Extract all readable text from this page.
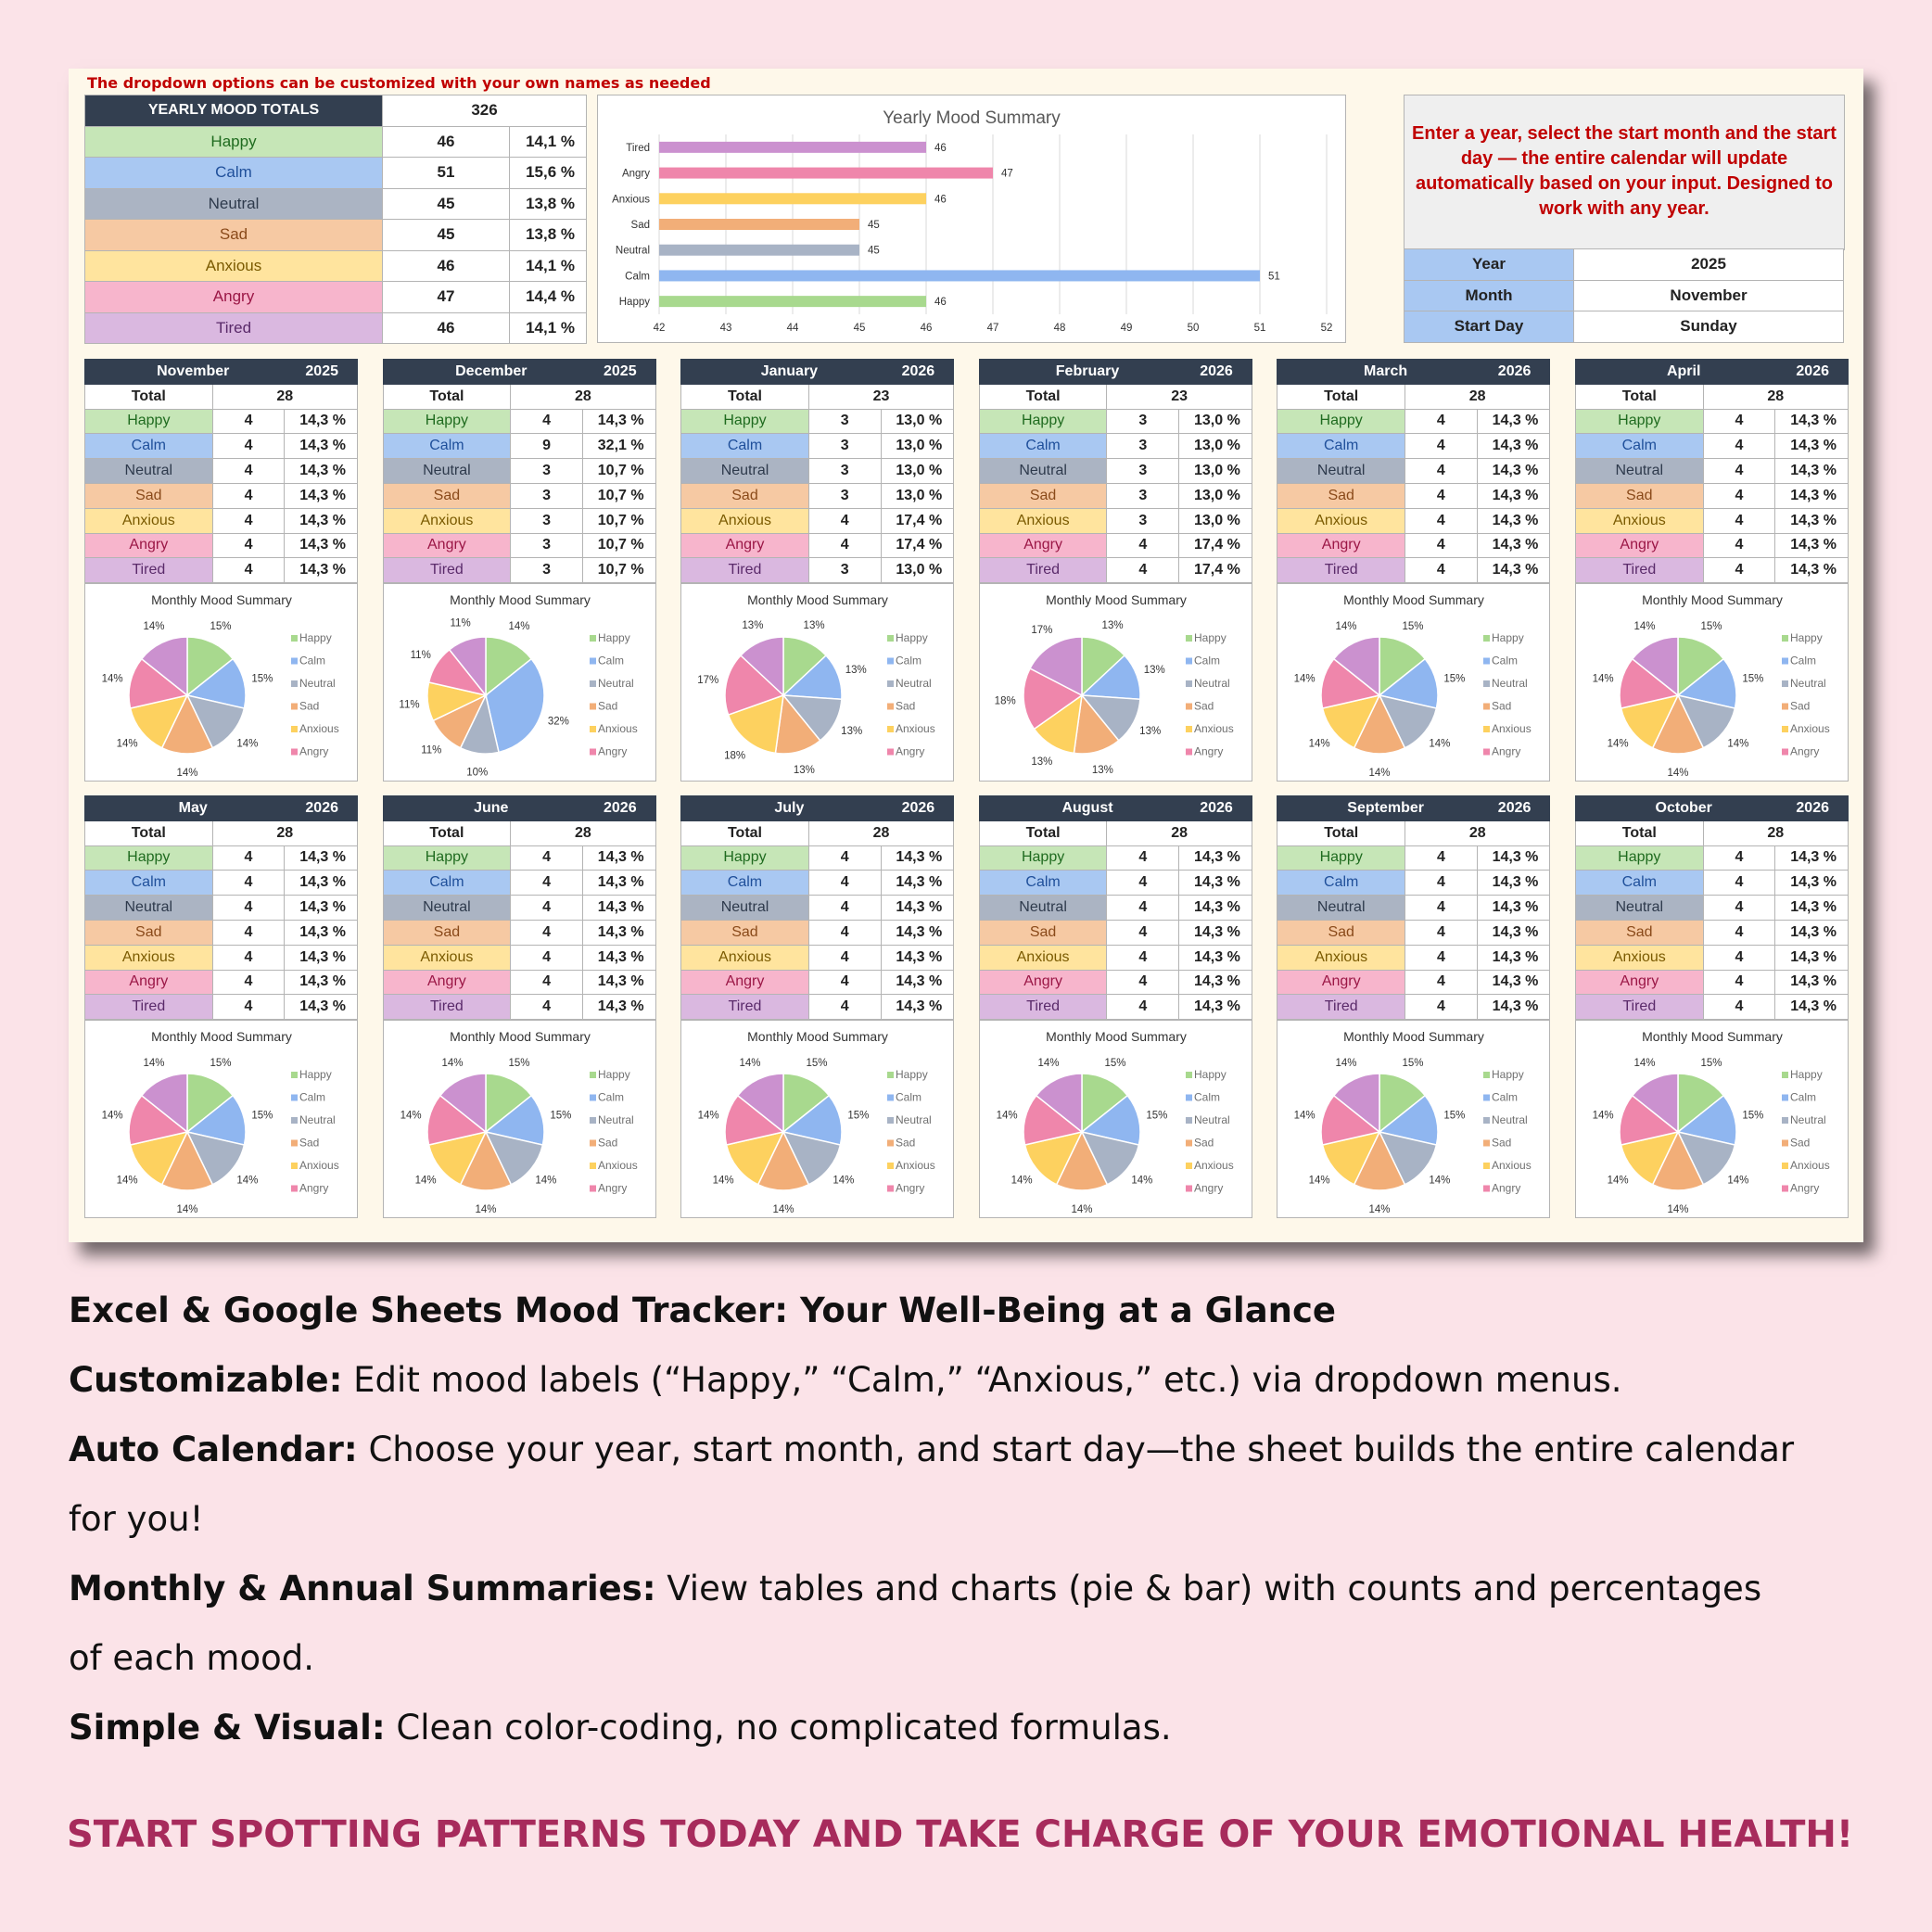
The dropdown options can be customized with your own names as needed
YEARLY MOOD TOTALS	326	
Happy	46	14,1 %
Calm	51	15,6 %
Neutral	45	13,8 %
Sad	45	13,8 %
Anxious	46	14,1 %
Angry	47	14,4 %
Tired	46	14,1 %
Yearly Mood Summary
42	43	44	45	46	47	48	49	50	51	52
Tired	46
Angry	47
Anxious	46
Sad	45
Neutral	45
Calm	51
Happy	46
Enter a year, select the start month and the start day — the entire calendar will update automatically based on your input. Designed to work with any year.
Year	2025
Month	November
Start Day	Sunday
November		2025
Total	28	
Happy	4	14,3 %
Calm	4	14,3 %
Neutral	4	14,3 %
Sad	4	14,3 %
Anxious	4	14,3 %
Angry	4	14,3 %
Tired	4	14,3 %
Monthly Mood Summary
15%
15%
14%
14%
14%
14%
14%
Happy
Calm
Neutral
Sad
Anxious
Angry
December		2025
Total	28	
Happy	4	14,3 %
Calm	9	32,1 %
Neutral	3	10,7 %
Sad	3	10,7 %
Anxious	3	10,7 %
Angry	3	10,7 %
Tired	3	10,7 %
Monthly Mood Summary
14%
32%
10%
11%
11%
11%
11%
Happy
Calm
Neutral
Sad
Anxious
Angry
January		2026
Total	23	
Happy	3	13,0 %
Calm	3	13,0 %
Neutral	3	13,0 %
Sad	3	13,0 %
Anxious	4	17,4 %
Angry	4	17,4 %
Tired	3	13,0 %
Monthly Mood Summary
13%
13%
13%
13%
18%
17%
13%
Happy
Calm
Neutral
Sad
Anxious
Angry
February		2026
Total	23	
Happy	3	13,0 %
Calm	3	13,0 %
Neutral	3	13,0 %
Sad	3	13,0 %
Anxious	3	13,0 %
Angry	4	17,4 %
Tired	4	17,4 %
Monthly Mood Summary
13%
13%
13%
13%
13%
18%
17%
Happy
Calm
Neutral
Sad
Anxious
Angry
March		2026
Total	28	
Happy	4	14,3 %
Calm	4	14,3 %
Neutral	4	14,3 %
Sad	4	14,3 %
Anxious	4	14,3 %
Angry	4	14,3 %
Tired	4	14,3 %
Monthly Mood Summary
15%
15%
14%
14%
14%
14%
14%
Happy
Calm
Neutral
Sad
Anxious
Angry
April		2026
Total	28	
Happy	4	14,3 %
Calm	4	14,3 %
Neutral	4	14,3 %
Sad	4	14,3 %
Anxious	4	14,3 %
Angry	4	14,3 %
Tired	4	14,3 %
Monthly Mood Summary
15%
15%
14%
14%
14%
14%
14%
Happy
Calm
Neutral
Sad
Anxious
Angry
May		2026
Total	28	
Happy	4	14,3 %
Calm	4	14,3 %
Neutral	4	14,3 %
Sad	4	14,3 %
Anxious	4	14,3 %
Angry	4	14,3 %
Tired	4	14,3 %
Monthly Mood Summary
15%
15%
14%
14%
14%
14%
14%
Happy
Calm
Neutral
Sad
Anxious
Angry
June		2026
Total	28	
Happy	4	14,3 %
Calm	4	14,3 %
Neutral	4	14,3 %
Sad	4	14,3 %
Anxious	4	14,3 %
Angry	4	14,3 %
Tired	4	14,3 %
Monthly Mood Summary
15%
15%
14%
14%
14%
14%
14%
Happy
Calm
Neutral
Sad
Anxious
Angry
July		2026
Total	28	
Happy	4	14,3 %
Calm	4	14,3 %
Neutral	4	14,3 %
Sad	4	14,3 %
Anxious	4	14,3 %
Angry	4	14,3 %
Tired	4	14,3 %
Monthly Mood Summary
15%
15%
14%
14%
14%
14%
14%
Happy
Calm
Neutral
Sad
Anxious
Angry
August		2026
Total	28	
Happy	4	14,3 %
Calm	4	14,3 %
Neutral	4	14,3 %
Sad	4	14,3 %
Anxious	4	14,3 %
Angry	4	14,3 %
Tired	4	14,3 %
Monthly Mood Summary
15%
15%
14%
14%
14%
14%
14%
Happy
Calm
Neutral
Sad
Anxious
Angry
September		2026
Total	28	
Happy	4	14,3 %
Calm	4	14,3 %
Neutral	4	14,3 %
Sad	4	14,3 %
Anxious	4	14,3 %
Angry	4	14,3 %
Tired	4	14,3 %
Monthly Mood Summary
15%
15%
14%
14%
14%
14%
14%
Happy
Calm
Neutral
Sad
Anxious
Angry
October		2026
Total	28	
Happy	4	14,3 %
Calm	4	14,3 %
Neutral	4	14,3 %
Sad	4	14,3 %
Anxious	4	14,3 %
Angry	4	14,3 %
Tired	4	14,3 %
Monthly Mood Summary
15%
15%
14%
14%
14%
14%
14%
Happy
Calm
Neutral
Sad
Anxious
Angry
Excel & Google Sheets Mood Tracker: Your Well-Being at a Glance
Customizable: Edit mood labels (“Happy,” “Calm,” “Anxious,” etc.) via dropdown menus.
Auto Calendar: Choose your year, start month, and start day—the sheet builds the entire calendar
for you!
Monthly & Annual Summaries: View tables and charts (pie & bar) with counts and percentages
of each mood.
Simple & Visual: Clean color-coding, no complicated formulas.
START SPOTTING PATTERNS TODAY AND TAKE CHARGE OF YOUR EMOTIONAL HEALTH!
